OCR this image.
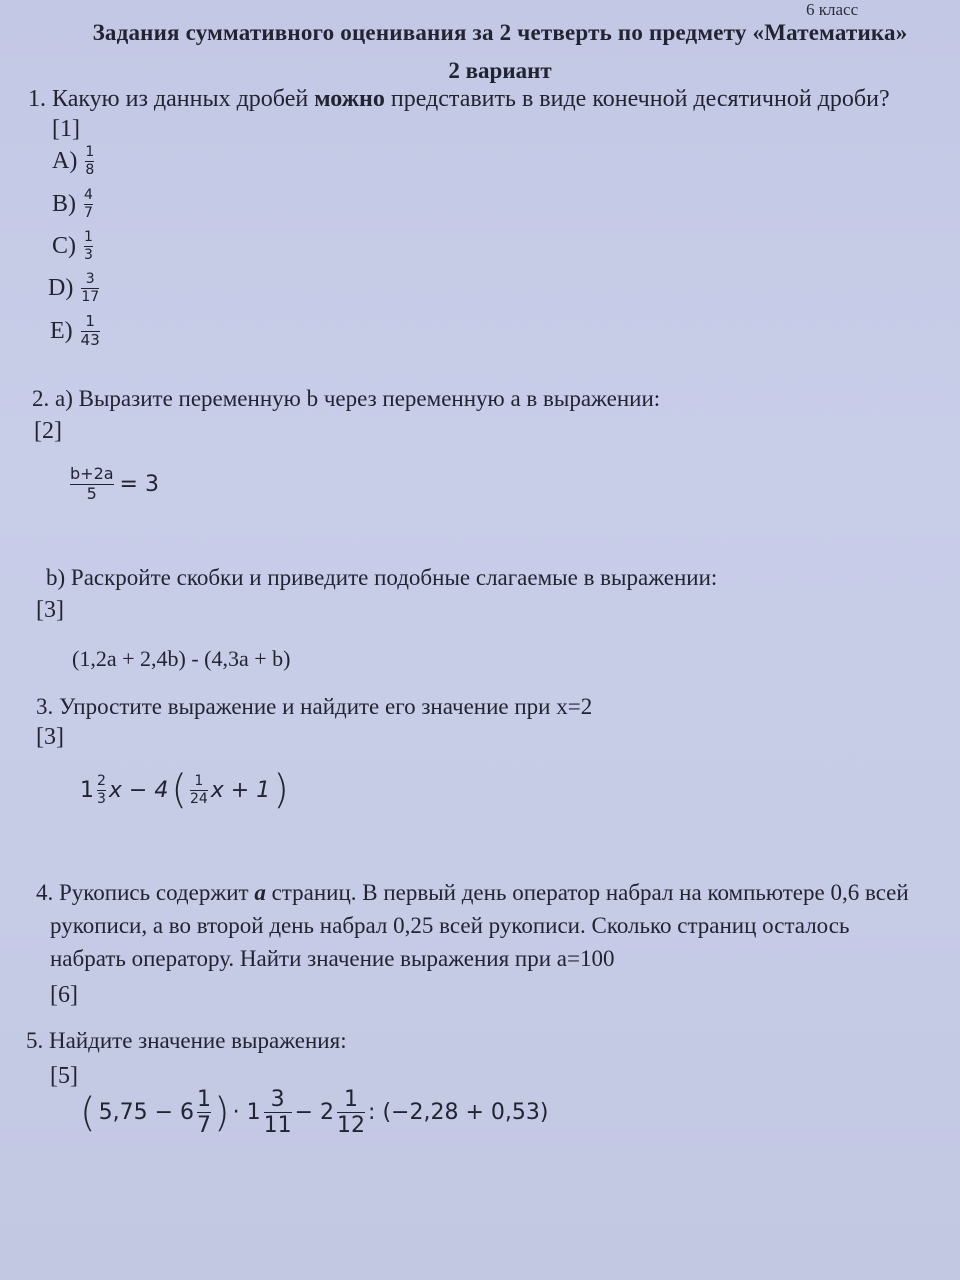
6 класс
Задания суммативного оценивания за 2 четверть по предмету «Математика»
2 вариант
1. Какую из данных дробей можно представить в виде конечной десятичной дроби?
[1]
$A) \frac{1}{8}$
$B) \frac{4}{7}$
$C) \frac{1}{3}$
$D) \frac{3}{17}$
$E) \frac{1}{43}$
2. a) Выразите переменную b через переменную a в выражении:
[2]
$\frac{b+2a}{5} = 3$
b) Раскройте скобки и приведите подобные слагаемые в выражении:
[3]
(1,2a + 2,4b) - (4,3a + b)
3. Упростите выражение и найдите его значение при x=2
[3]
$1 \frac{2}{3}$ x − 4 ( $\frac{1}{24}$ x + 1 )
4. Рукопись содержит a страниц. В первый день оператор набрал на компьютере 0,6 всей
рукописи, а во второй день набрал 0,25 всей рукописи. Сколько страниц осталось
набрать оператору. Найти значение выражения при a=100
[6]
5. Найдите значение выражения:
[5]
( $5,75 - 6 \frac{1}{7}$ ) · $1 \frac{3}{11} - 2 \frac{1}{12}$ : (−2,28 + 0,53)
